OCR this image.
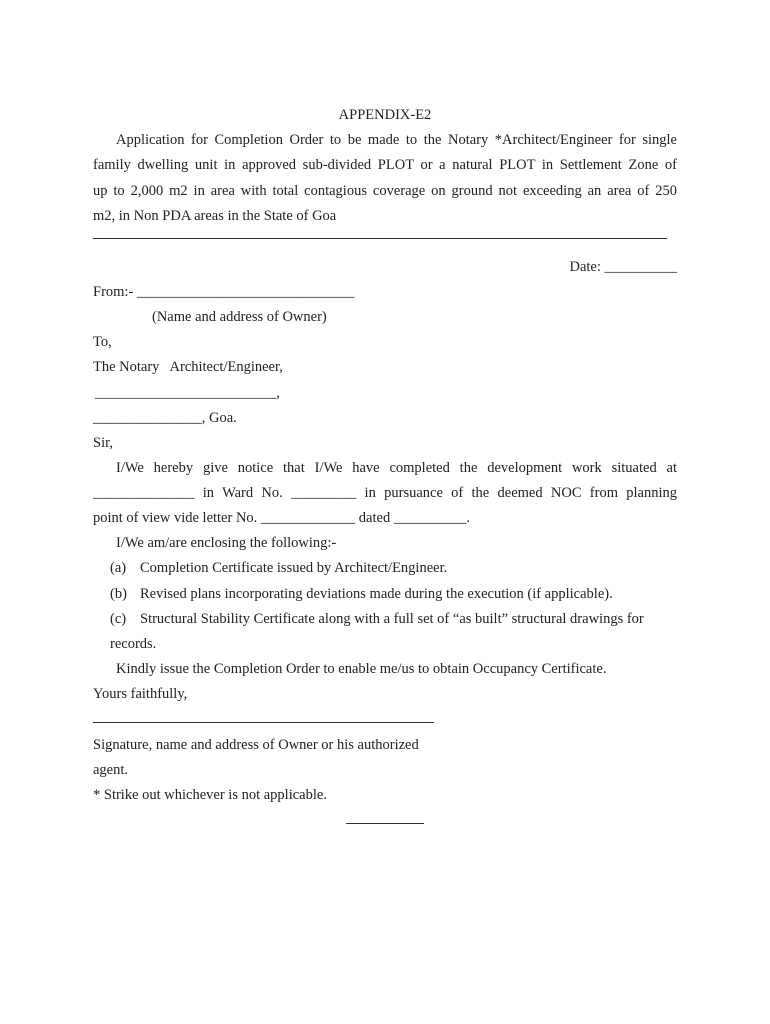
APPENDIX-E2
Application for Completion Order to be made to the Notary *Architect/Engineer for single
family dwelling unit in approved sub-divided PLOT or a natural PLOT in Settlement Zone of
up to 2,000 m2 in area with total contagious coverage on ground not exceeding an area of 250
m2, in Non PDA areas in the State of Goa
Date: __________
From:- ______________________________
(Name and address of Owner)
To,
The Notary   Architect/Engineer,
_________________________,
_______________, Goa.
Sir,
I/We hereby give notice that I/We have completed the development work situated at
______________ in Ward No. _________ in pursuance of the deemed NOC from planning
point of view vide letter No. _____________ dated __________.
I/We am/are enclosing the following:-
(a) Completion Certificate issued by Architect/Engineer.
(b) Revised plans incorporating deviations made during the execution (if applicable).
(c) Structural Stability Certificate along with a full set of “as built” structural drawings for
records.
Kindly issue the Completion Order to enable me/us to obtain Occupancy Certificate.
Yours faithfully,
Signature, name and address of Owner or his authorized
agent.
* Strike out whichever is not applicable.
